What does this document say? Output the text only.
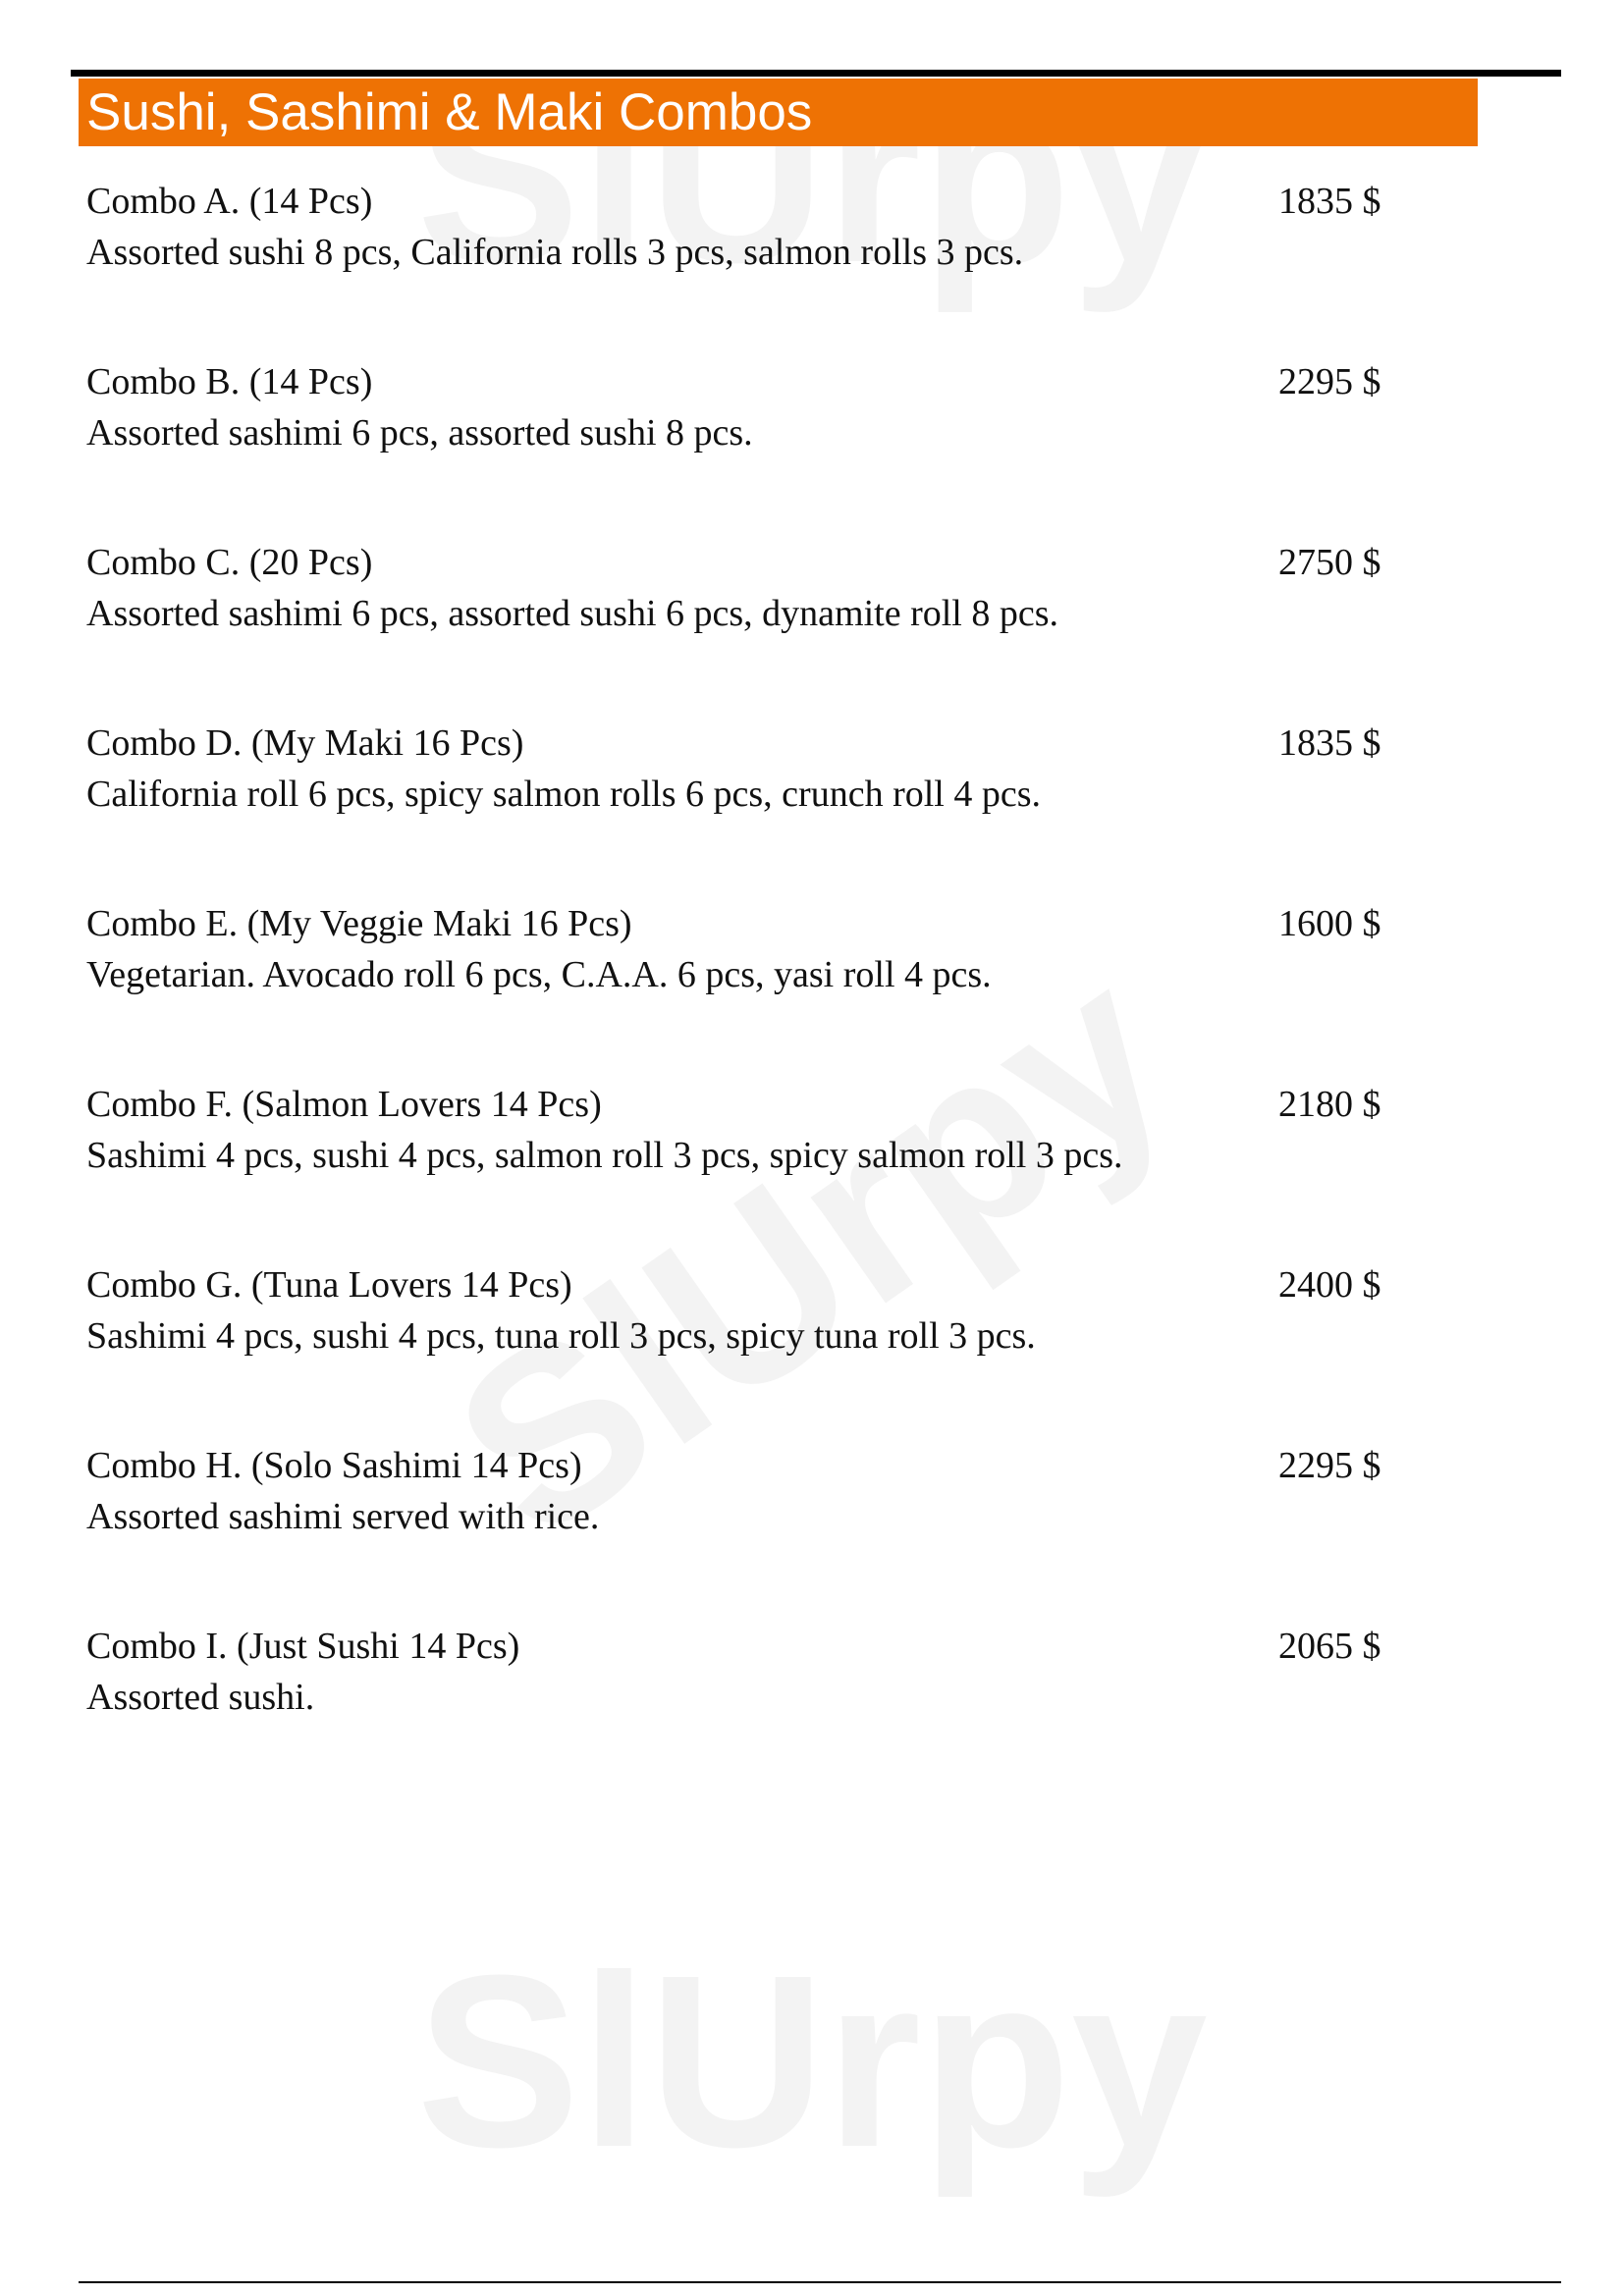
Sushi, Sashimi & Maki Combos
Combo A. (14 Pcs)	1835 $
Assorted sushi 8 pcs, California rolls 3 pcs, salmon rolls 3 pcs.
Combo B. (14 Pcs)	2295 $
Assorted sashimi 6 pcs, assorted sushi 8 pcs.
Combo C. (20 Pcs)	2750 $
Assorted sashimi 6 pcs, assorted sushi 6 pcs, dynamite roll 8 pcs.
Combo D. (My Maki 16 Pcs)	1835 $
California roll 6 pcs, spicy salmon rolls 6 pcs, crunch roll 4 pcs.
Combo E. (My Veggie Maki 16 Pcs)	1600 $
Vegetarian. Avocado roll 6 pcs, C.A.A. 6 pcs, yasi roll 4 pcs.
Combo F. (Salmon Lovers 14 Pcs)	2180 $
Sashimi 4 pcs, sushi 4 pcs, salmon roll 3 pcs, spicy salmon roll 3 pcs.
Combo G. (Tuna Lovers 14 Pcs)	2400 $
Sashimi 4 pcs, sushi 4 pcs, tuna roll 3 pcs, spicy tuna roll 3 pcs.
Combo H. (Solo Sashimi 14 Pcs)	2295 $
Assorted sashimi served with rice.
Combo I. (Just Sushi 14 Pcs)	2065 $
Assorted sushi.
